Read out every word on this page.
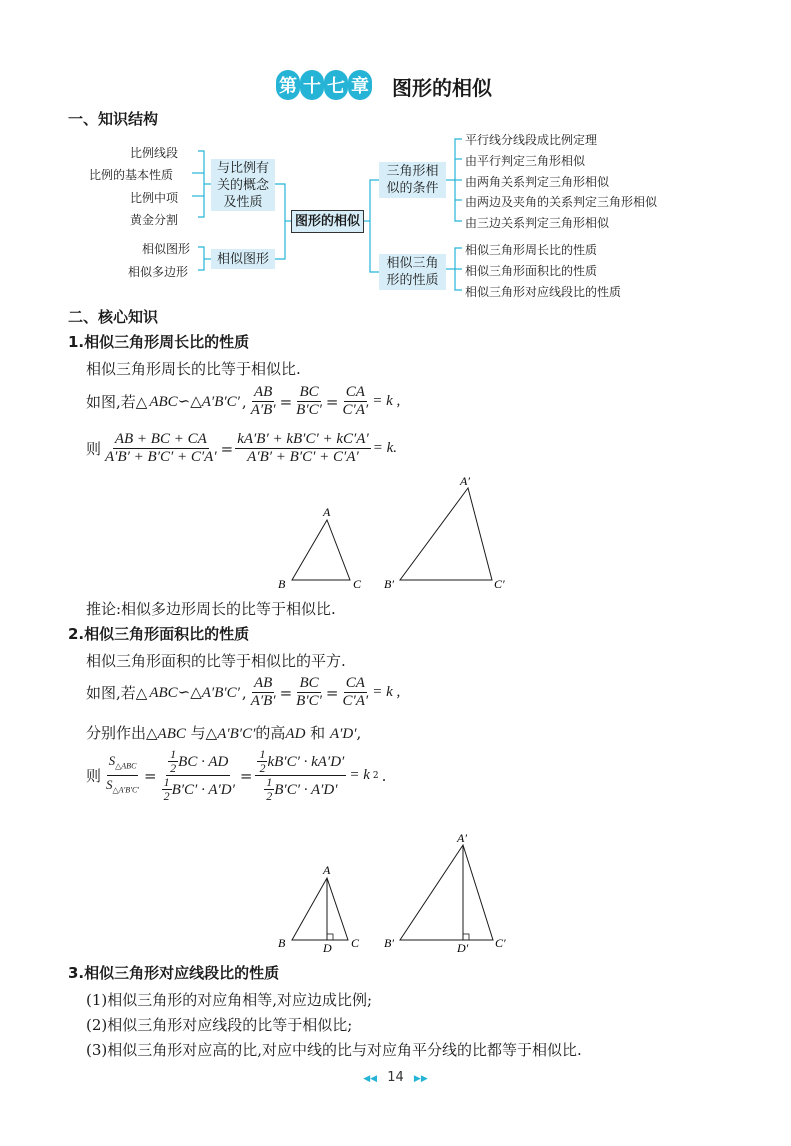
第 十 七 章 图形的相似
一、知识结构
比例线段
比例的基本性质
比例中项
黄金分割
相似图形
相似多边形
与比例有
关的概念
及性质
相似图形
图形的相似
三角形相
似的条件
相似三角
形的性质
平行线分线段成比例定理
由平行判定三角形相似
由两角关系判定三角形相似
由两边及夹角的关系判定三角形相似
由三边关系判定三角形相似
相似三角形周长比的性质
相似三角形面积比的性质
相似三角形对应线段比的性质
二、核心知识
1.相似三角形周长比的性质
相似三角形周长的比等于相似比.
如图,若△ ABC∽△A′B′C′ , $\frac{AB}{A'B'} = \frac{BC}{B'C'} = \frac{CA}{C'A'} = k$ ,
则 $\frac{AB + BC + CA}{A'B' + B'C' + C'A'} = \frac{kA'B' + kB'C' + kC'A'}{A'B' + B'C' + C'A'} = k$.
A
B	C
A′
B′	C′
推论:相似多边形周长的比等于相似比.
2.相似三角形面积比的性质
相似三角形面积的比等于相似比的平方.
如图,若△ ABC∽△A′B′C′ , $\frac{AB}{A'B'} = \frac{BC}{B'C'} = \frac{CA}{C'A'} = k$ ,
分别作出△ABC 与△A′B′C′的高AD 和 A′D′,
则 $\frac{S_{\triangle ABC}}{S_{\triangle A'B'C'}} = \frac{\frac{1}{2} BC \cdot AD}{\frac{1}{2} B'C' \cdot A'D'} = \frac{\frac{1}{2} kB'C' \cdot kA'D'}{\frac{1}{2} B'C' \cdot A'D'} = k$ 2 .
A
B	C
D
A′
B′	C′
D′
3.相似三角形对应线段比的性质
(1)相似三角形的对应角相等,对应边成比例;
(2)相似三角形对应线段的比等于相似比;
(3)相似三角形对应高的比,对应中线的比与对应角平分线的比都等于相似比.
◀◀ 14 ▶▶
